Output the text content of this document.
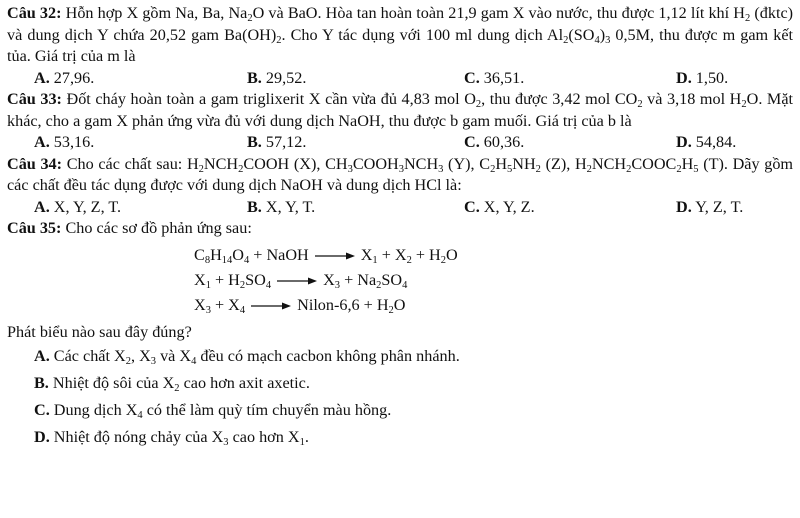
Câu 32: Hỗn hợp X gồm Na, Ba, $Na_2O$ và BaO. Hòa tan hoàn toàn 21,9 gam X vào nước, thu được 1,12 lít khí $H_2$ (đktc) và dung dịch Y chứa 20,52 gam $Ba(OH)_2$. Cho Y tác dụng với 100 ml dung dịch $Al_2(SO_4)_3$ 0,5M, thu được m gam kết tủa. Giá trị của m là

A. 27,96.	B. 29,52.	C. 36,51.	D. 1,50.

Câu 33: Đốt cháy hoàn toàn a gam triglixerit X cần vừa đủ 4,83 mol $O_2$, thu được 3,42 mol $CO_2$ và 3,18 mol $H_2O$. Mặt khác, cho a gam X phản ứng vừa đủ với dung dịch NaOH, thu được b gam muối. Giá trị của b là

A. 53,16.	B. 57,12.	C. 60,36.	D. 54,84.

Câu 34: Cho các chất sau: $H_2NCH_2COOH$ (X), $CH_3COOH_3NCH_3$ (Y), $C_2H_5NH_2$ (Z), $H_2NCH_2COOC_2H_5$ (T). Dãy gồm các chất đều tác dụng được với dung dịch NaOH và dung dịch HCl là:

A. X, Y, Z, T.	B. X, Y, T.	C. X, Y, Z.	D. Y, Z, T.

Câu 35: Cho các sơ đồ phản ứng sau:

$C_8H_{14}O_4$ + NaOH → $X_1 + X_2 + H_2O$
$X_1 + H_2SO_4 \to X_3 + Na_2SO_4$
$X_3 + X_4$ → Nilon-6,6 + $H_2O$

Phát biểu nào sau đây đúng?

A. Các chất $X_2$, $X_3$ và $X_4$ đều có mạch cacbon không phân nhánh.
B. Nhiệt độ sôi của $X_2$ cao hơn axit axetic.
C. Dung dịch $X_4$ có thể làm quỳ tím chuyển màu hồng.
D. Nhiệt độ nóng chảy của $X_3$ cao hơn $X_1$.
